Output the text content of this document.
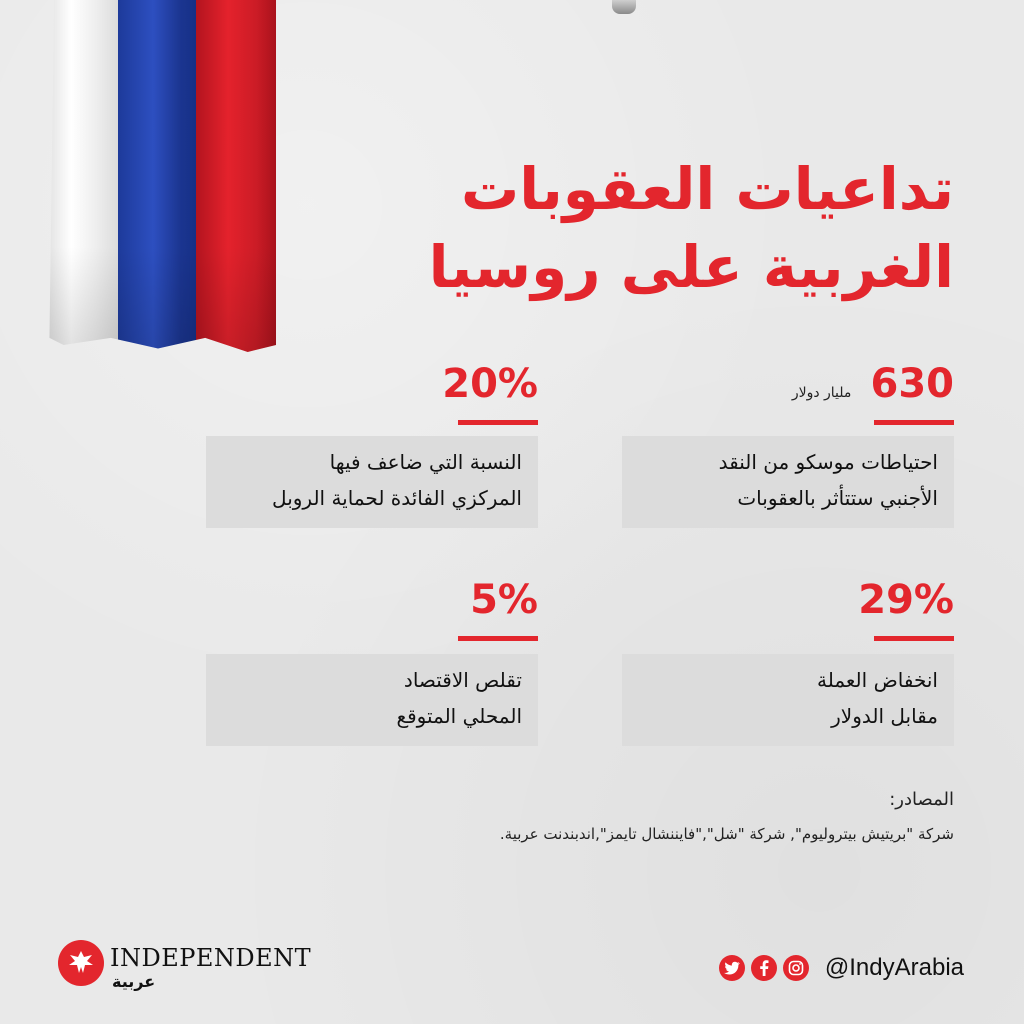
تداعيات العقوبات
الغربية على روسيا
630 مليار دولار
احتياطات موسكو من النقد
الأجنبي ستتأثر بالعقوبات
20%
النسبة التي ضاعف فيها
المركزي الفائدة لحماية الروبل
29%
انخفاض العملة
مقابل الدولار
5%
تقلص الاقتصاد
المحلي المتوقع
المصادر:
شركة "بريتيش بيتروليوم", شركة "شل","فايننشال تايمز",اندبندنت عربية.
INDEPENDENT
عربية
@IndyArabia
